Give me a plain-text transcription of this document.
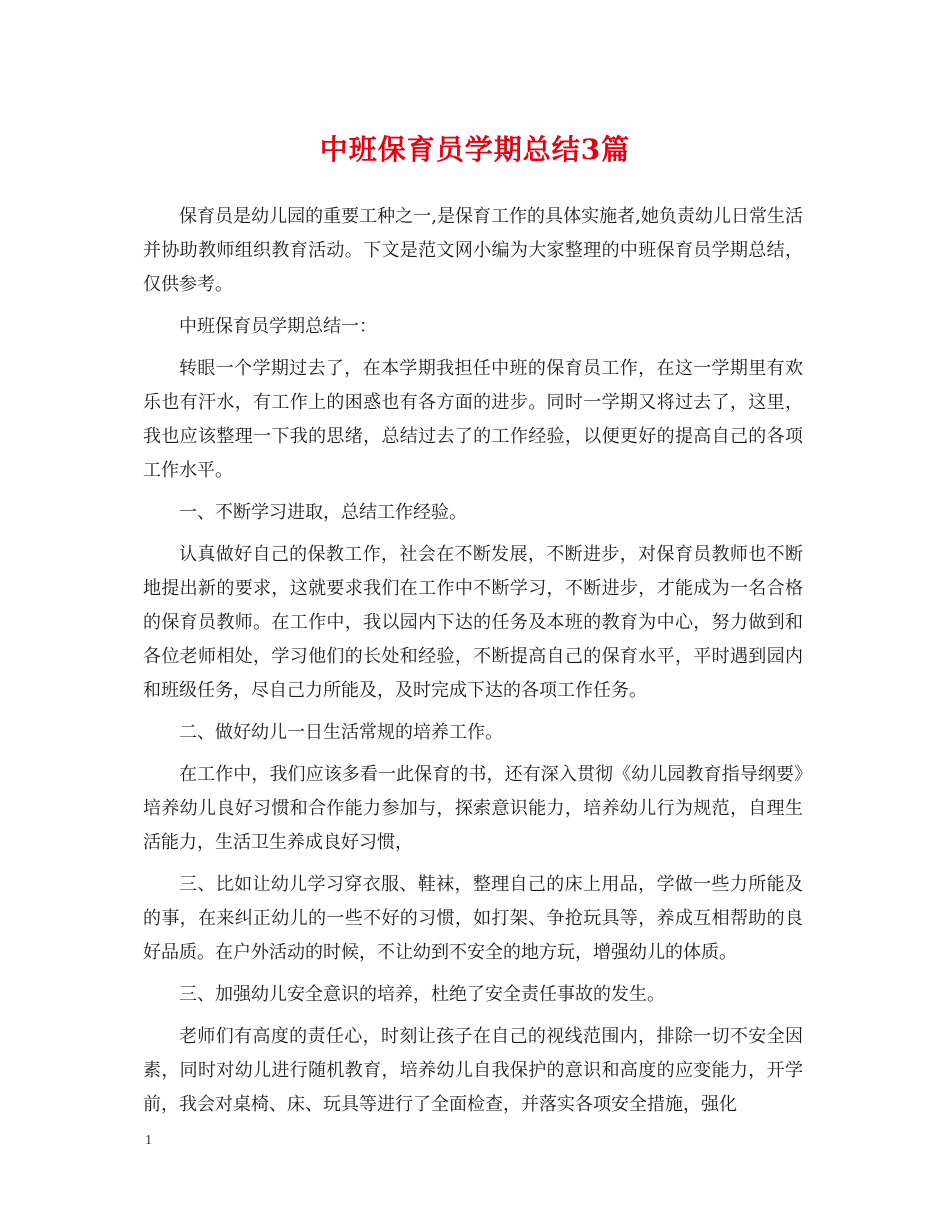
中班保育员学期总结3篇

保育员是幼儿园的重要工种之一,是保育工作的具体实施者,她负责幼儿日常生活并协助教师组织教育活动。下文是范文网小编为大家整理的中班保育员学期总结，仅供参考。

中班保育员学期总结一：

转眼一个学期过去了，在本学期我担任中班的保育员工作，在这一学期里有欢乐也有汗水，有工作上的困惑也有各方面的进步。同时一学期又将过去了，这里，我也应该整理一下我的思绪，总结过去了的工作经验，以便更好的提高自己的各项工作水平。

一、不断学习进取，总结工作经验。

认真做好自己的保教工作，社会在不断发展，不断进步，对保育员教师也不断地提出新的要求，这就要求我们在工作中不断学习，不断进步，才能成为一名合格的保育员教师。在工作中，我以园内下达的任务及本班的教育为中心，努力做到和各位老师相处，学习他们的长处和经验，不断提高自己的保育水平，平时遇到园内和班级任务，尽自己力所能及，及时完成下达的各项工作任务。

二、做好幼儿一日生活常规的培养工作。

在工作中，我们应该多看一此保育的书，还有深入贯彻《幼儿园教育指导纲要》培养幼儿良好习惯和合作能力参加与，探索意识能力，培养幼儿行为规范，自理生活能力，生活卫生养成良好习惯，

三、比如让幼儿学习穿衣服、鞋袜，整理自己的床上用品，学做一些力所能及的事，在来纠正幼儿的一些不好的习惯，如打架、争抢玩具等，养成互相帮助的良好品质。在户外活动的时候，不让幼到不安全的地方玩，增强幼儿的体质。

三、加强幼儿安全意识的培养，杜绝了安全责任事故的发生。

老师们有高度的责任心，时刻让孩子在自己的视线范围内，排除一切不安全因素，同时对幼儿进行随机教育，培养幼儿自我保护的意识和高度的应变能力，开学前，我会对桌椅、床、玩具等进行了全面检查，并落实各项安全措施，强化

1
